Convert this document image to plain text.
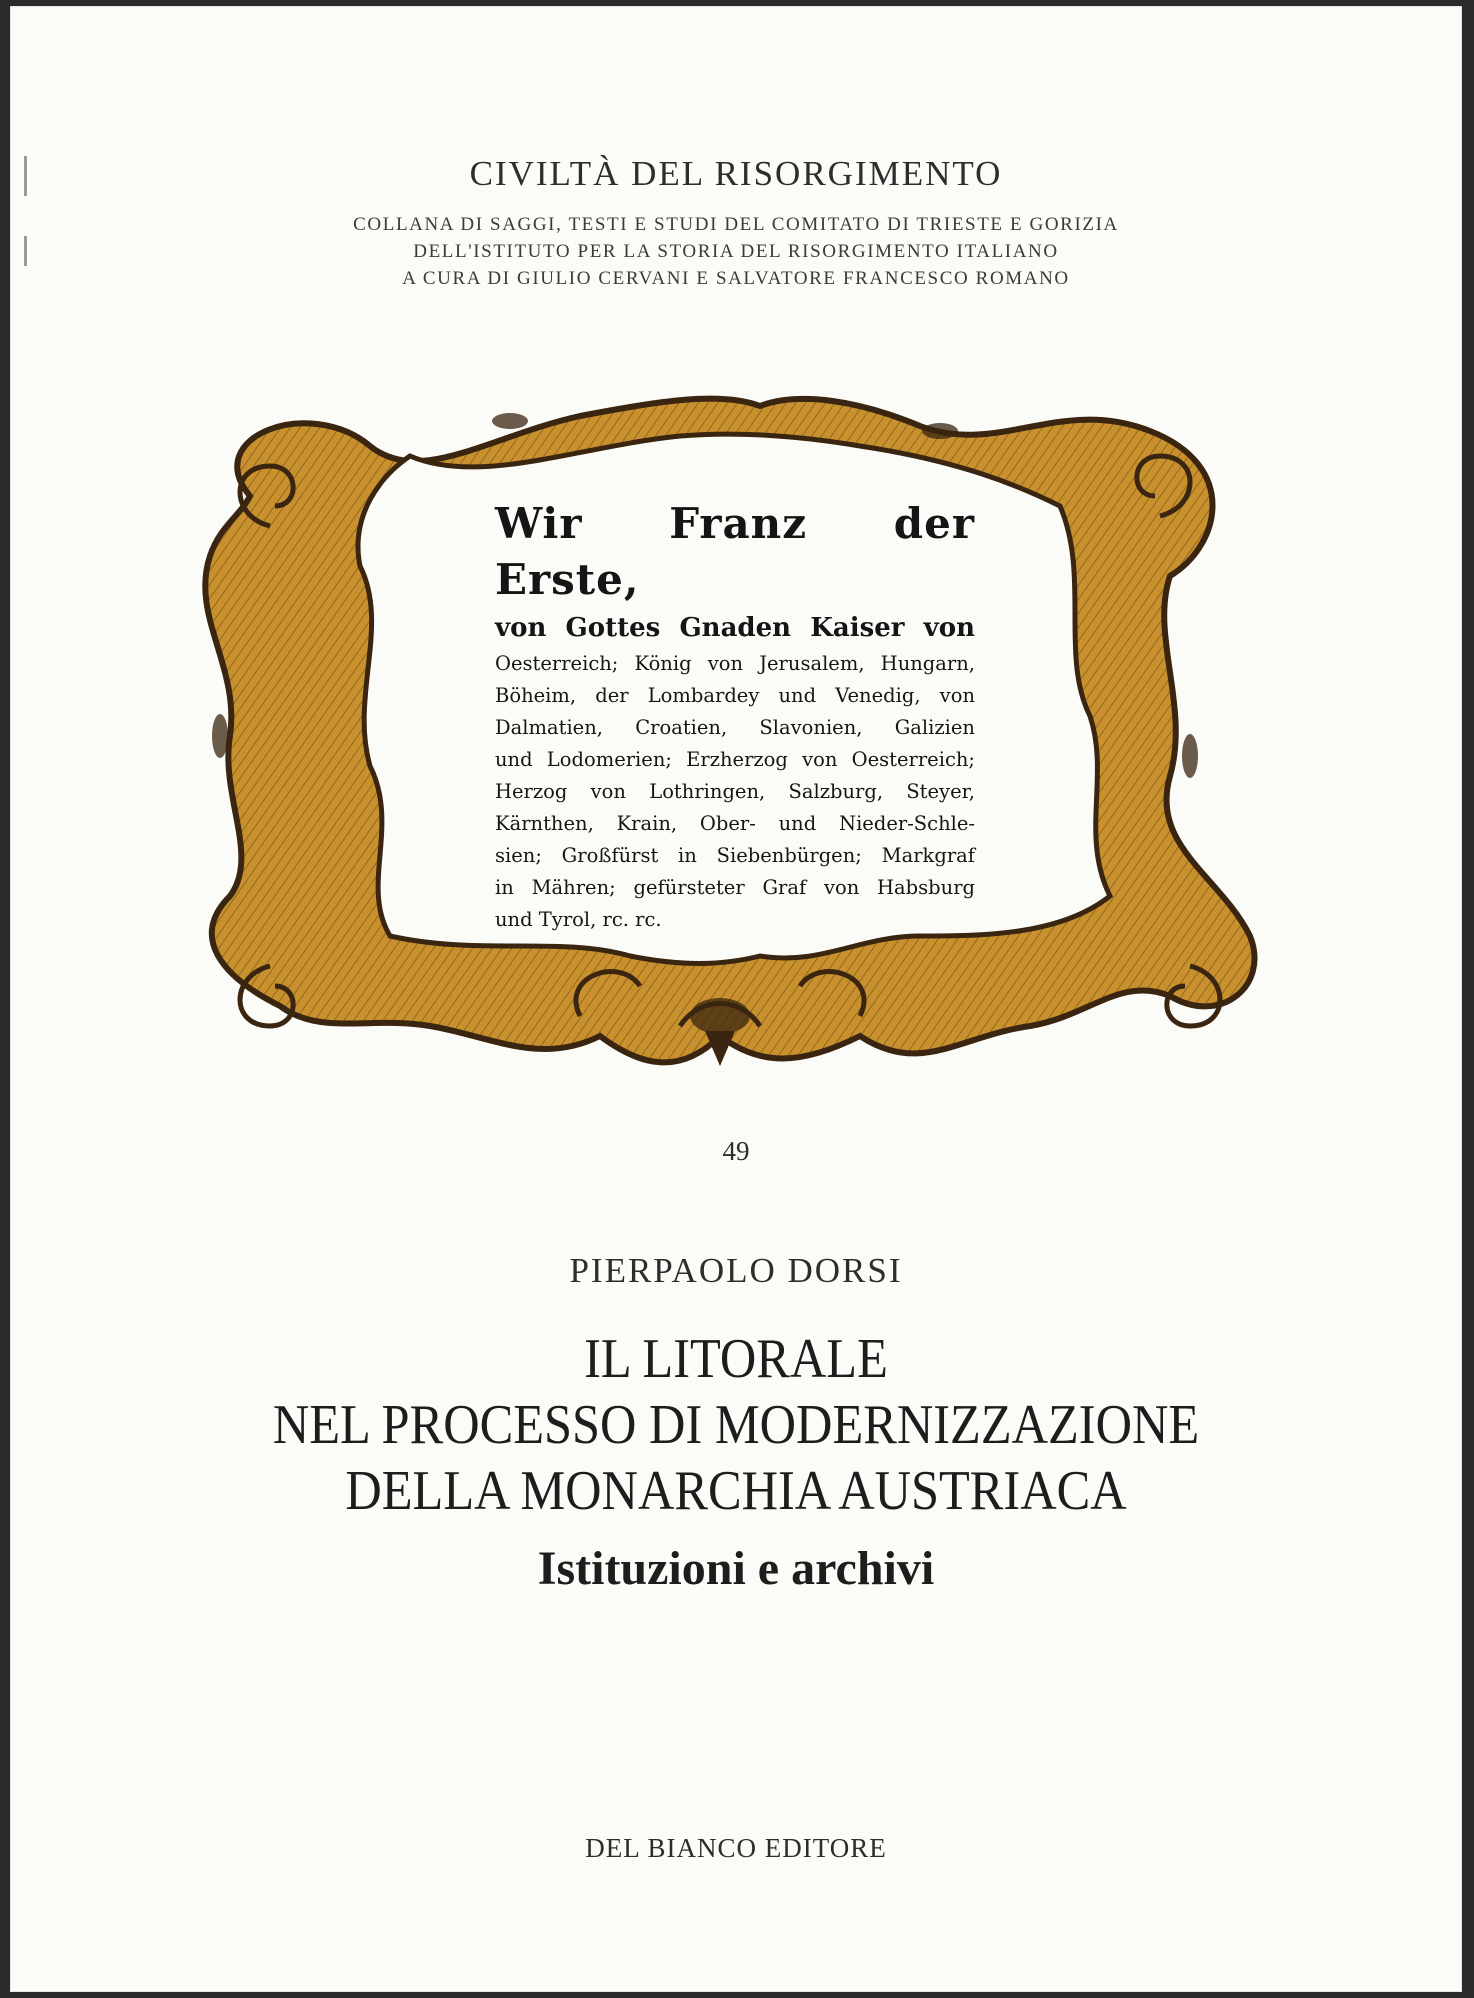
CIVILTÀ DEL RISORGIMENTO
COLLANA DI SAGGI, TESTI E STUDI DEL COMITATO DI TRIESTE E GORIZIA
DELL'ISTITUTO PER LA STORIA DEL RISORGIMENTO ITALIANO
A CURA DI GIULIO CERVANI E SALVATORE FRANCESCO ROMANO
Wir Franz der Erste,
von Gottes Gnaden Kaiser von
Oesterreich; König von Jerusalem, Hungarn,
Böheim, der Lombardey und Venedig, von
Dalmatien, Croatien, Slavonien, Galizien
und Lodomerien; Erzherzog von Oesterreich;
Herzog von Lothringen, Salzburg, Steyer,
Kärnthen, Krain, Ober- und Nieder-Schle-
sien; Großfürst in Siebenbürgen; Markgraf
in Mähren; gefürsteter Graf von Habsburg
und Tyrol, rc. rc.
49
PIERPAOLO DORSI
IL LITORALE
NEL PROCESSO DI MODERNIZZAZIONE
DELLA MONARCHIA AUSTRIACA
Istituzioni e archivi
DEL BIANCO EDITORE
